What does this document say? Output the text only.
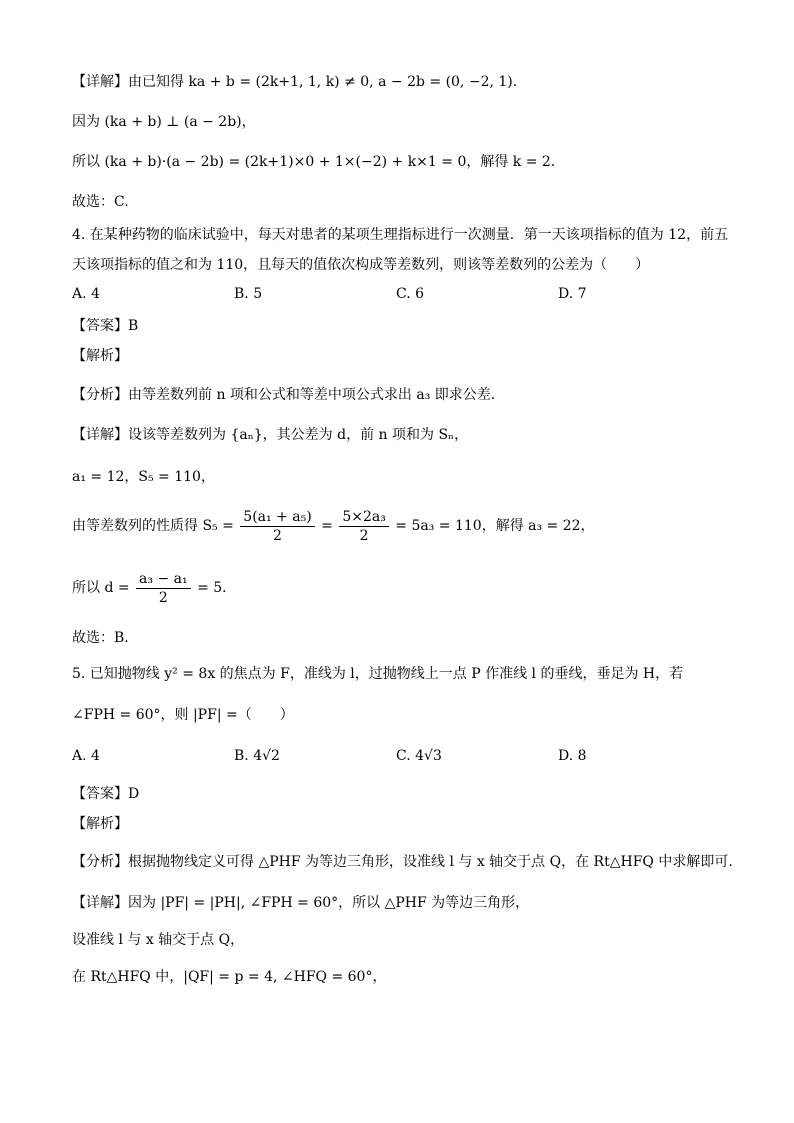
【详解】由已知得 ka + b = (2k+1, 1, k) ≠ 0, a − 2b = (0, −2, 1).
因为 (ka + b) ⊥ (a − 2b)，
所以 (ka + b)·(a − 2b) = (2k+1)×0 + 1×(−2) + k×1 = 0，解得 k = 2．
故选：C.
4. 在某种药物的临床试验中，每天对患者的某项生理指标进行一次测量．第一天该项指标的值为 12，前五
天该项指标的值之和为 110，且每天的值依次构成等差数列，则该等差数列的公差为（　　）
A. 4	B. 5	C. 6	D. 7
【答案】B
【解析】
【分析】由等差数列前 n 项和公式和等差中项公式求出 a₃ 即求公差．
【详解】设该等差数列为 {aₙ}，其公差为 d，前 n 项和为 Sₙ，
a₁ = 12，S₅ = 110，
由等差数列的性质得 $S_5 = \frac{\text{5(a₁ + a₅)}}{2} = \frac{\text{5×2a₃}}{2} = 5a_3 = 110$，解得 a₃ = 22，
所以 $d = \frac{\text{a₃ − a₁}}{2} = 5$．
故选：B.
5. 已知抛物线 y² = 8x 的焦点为 F，准线为 l，过抛物线上一点 P 作准线 l 的垂线，垂足为 H，若
∠FPH = 60°，则 |PF| =（　　）
A. 4	B. 4√2	C. 4√3	D. 8
【答案】D
【解析】
【分析】根据抛物线定义可得 △PHF 为等边三角形，设准线 l 与 x 轴交于点 Q，在 Rt△HFQ 中求解即可.
【详解】因为 |PF| = |PH|, ∠FPH = 60°，所以 △PHF 为等边三角形，
设准线 l 与 x 轴交于点 Q，
在 Rt△HFQ 中，|QF| = p = 4, ∠HFQ = 60°，
